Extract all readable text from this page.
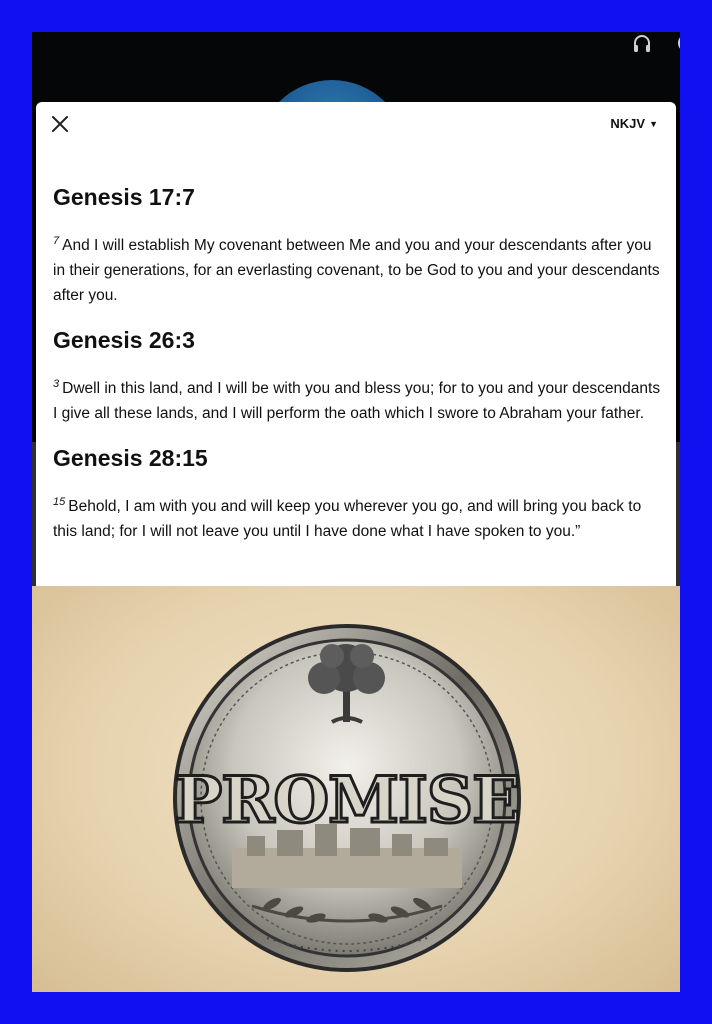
NKJV ▼
Genesis 17:7

$^7$ And I will establish My covenant between Me and you and your descendants after you in their generations, for an everlasting covenant, to be God to you and your descendants after you.

Genesis 26:3

$^3$ Dwell in this land, and I will be with you and bless you; for to you and your descendants I give all these lands, and I will perform the oath which I swore to Abraham your father.

Genesis 28:15

$^{15}$ Behold, I am with you and will keep you wherever you go, and will bring you back to this land; for I will not leave you until I have done what I have spoken to you.”

PROMISE
